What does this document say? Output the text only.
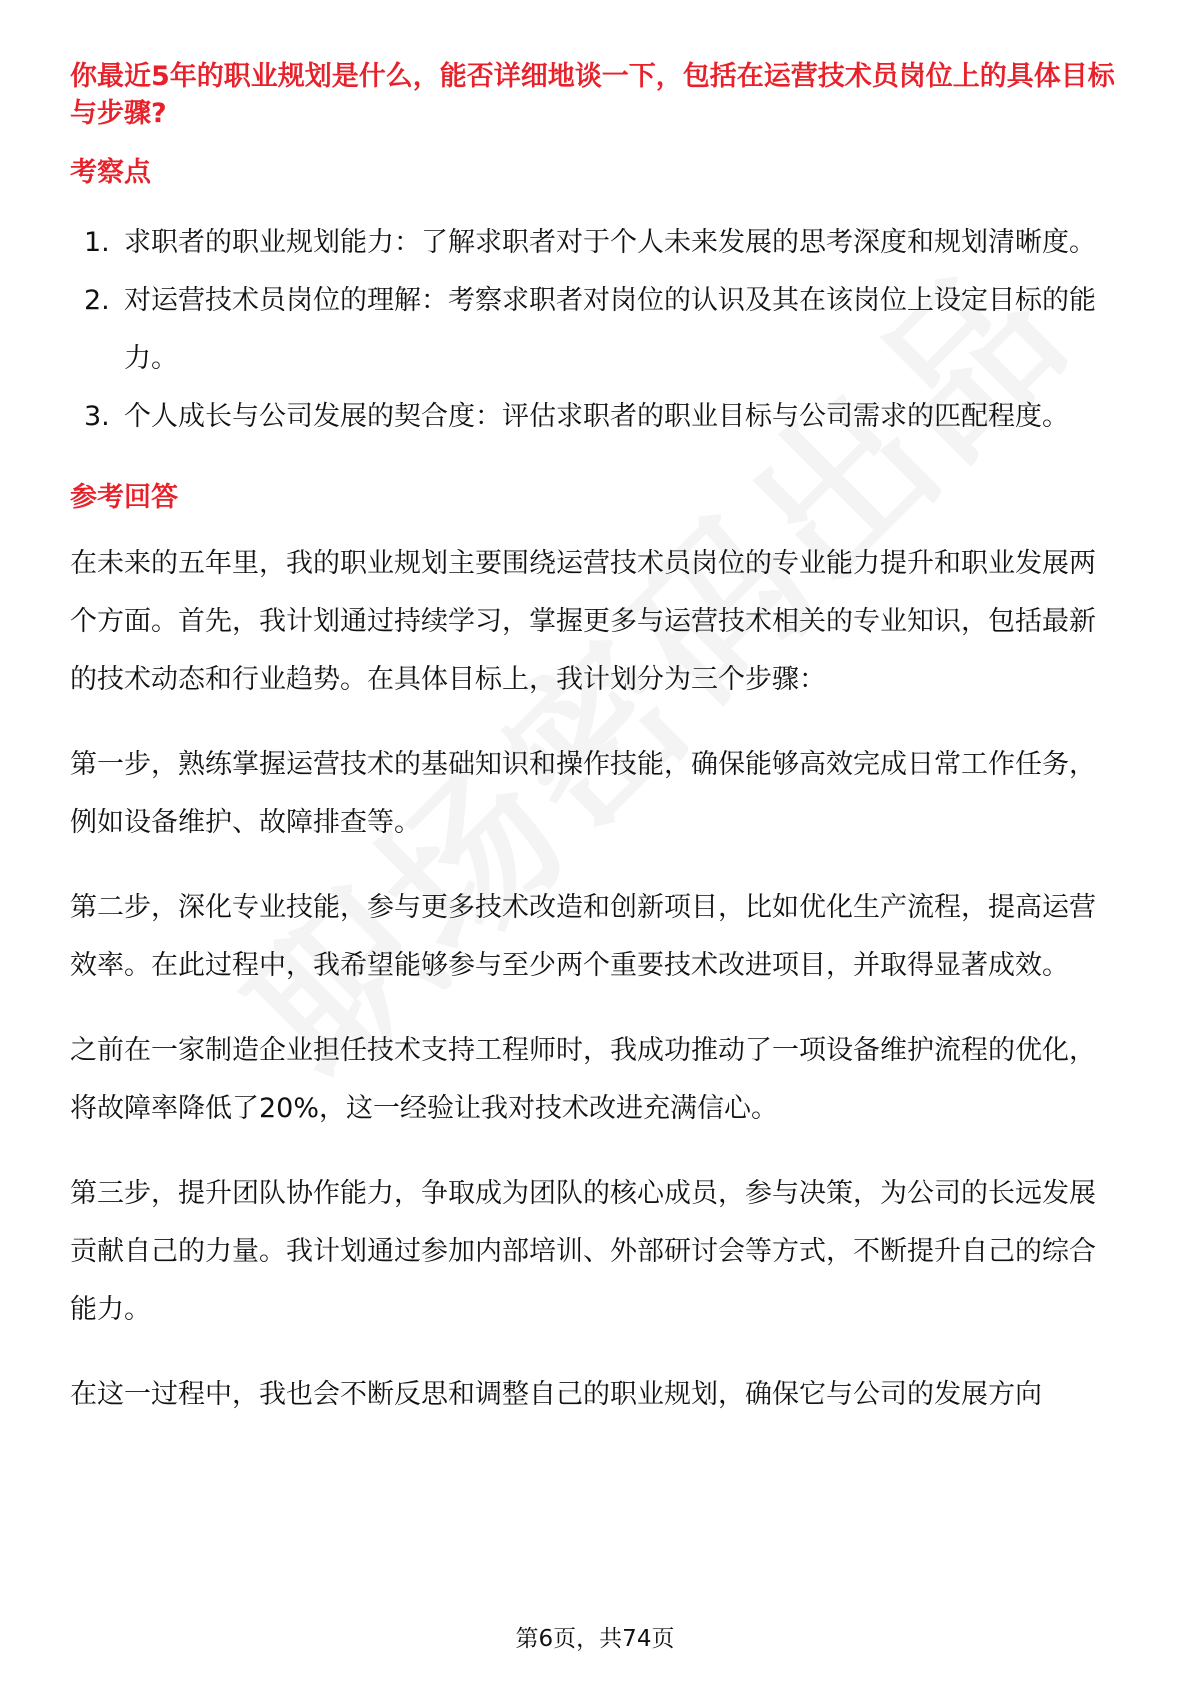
你最近5年的职业规划是什么，能否详细地谈一下，包括在运营技术员岗位上的具体目标与步骤?
考察点
1. 求职者的职业规划能力：了解求职者对于个人未来发展的思考深度和规划清晰度。
2. 对运营技术员岗位的理解：考察求职者对岗位的认识及其在该岗位上设定目标的能力。
3. 个人成长与公司发展的契合度：评估求职者的职业目标与公司需求的匹配程度。
参考回答

在未来的五年里，我的职业规划主要围绕运营技术员岗位的专业能力提升和职业发展两个方面。首先，我计划通过持续学习，掌握更多与运营技术相关的专业知识，包括最新的技术动态和行业趋势。在具体目标上，我计划分为三个步骤：

第一步，熟练掌握运营技术的基础知识和操作技能，确保能够高效完成日常工作任务，例如设备维护、故障排查等。

第二步，深化专业技能，参与更多技术改造和创新项目，比如优化生产流程，提高运营效率。在此过程中，我希望能够参与至少两个重要技术改进项目，并取得显著成效。

之前在一家制造企业担任技术支持工程师时，我成功推动了一项设备维护流程的优化，将故障率降低了20%，这一经验让我对技术改进充满信心。

第三步，提升团队协作能力，争取成为团队的核心成员，参与决策，为公司的长远发展贡献自己的力量。我计划通过参加内部培训、外部研讨会等方式，不断提升自己的综合能力。

在这一过程中，我也会不断反思和调整自己的职业规划，确保它与公司的发展方向

第6页，共74页
